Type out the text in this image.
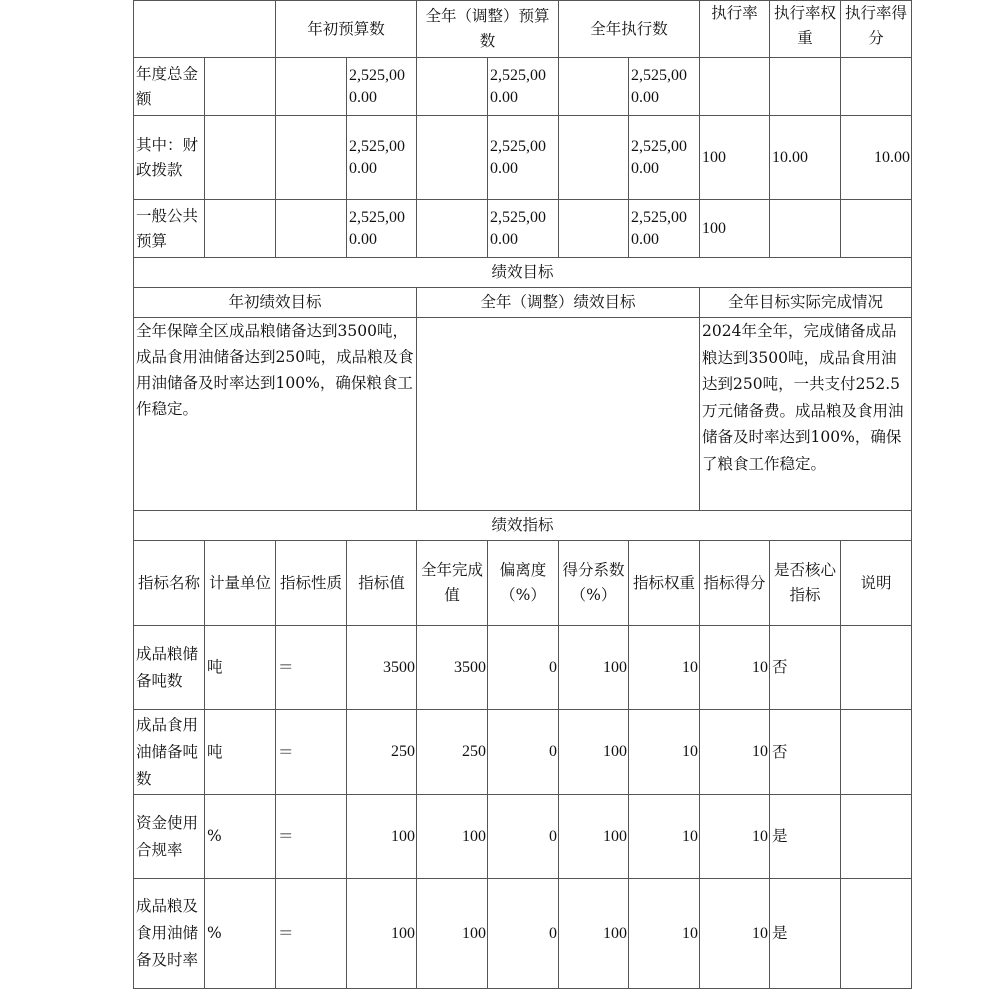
		年初预算数		全年（调整）预算数		全年执行数		执行率	执行率权重	执行率得分
年度总金额			2,525,000.00		2,525,000.00		2,525,000.00			
其中：财政拨款			2,525,000.00		2,525,000.00		2,525,000.00	100	10.00	10.00
一般公共预算			2,525,000.00		2,525,000.00		2,525,000.00	100		
绩效目标										
年初绩效目标				全年（调整）绩效目标				全年目标实际完成情况		
全年保障全区成品粮储备达到3500吨，成品食用油储备达到250吨，成品粮及食用油储备及时率达到100%，确保粮食工作稳定。								2024年全年，完成储备成品粮达到3500吨，成品食用油达到250吨，一共支付252.5万元储备费。成品粮及食用油储备及时率达到100%，确保了粮食工作稳定。		
绩效指标										
指标名称	计量单位	指标性质	指标值	全年完成值	偏离度（%）	得分系数（%）	指标权重	指标得分	是否核心指标	说明
成品粮储备吨数	吨	＝	3500	3500	0	100	10	10	否	
成品食用油储备吨数	吨	＝	250	250	0	100	10	10	否	
资金使用合规率	%	＝	100	100	0	100	10	10	是	
成品粮及食用油储备及时率	%	＝	100	100	0	100	10	10	是	
